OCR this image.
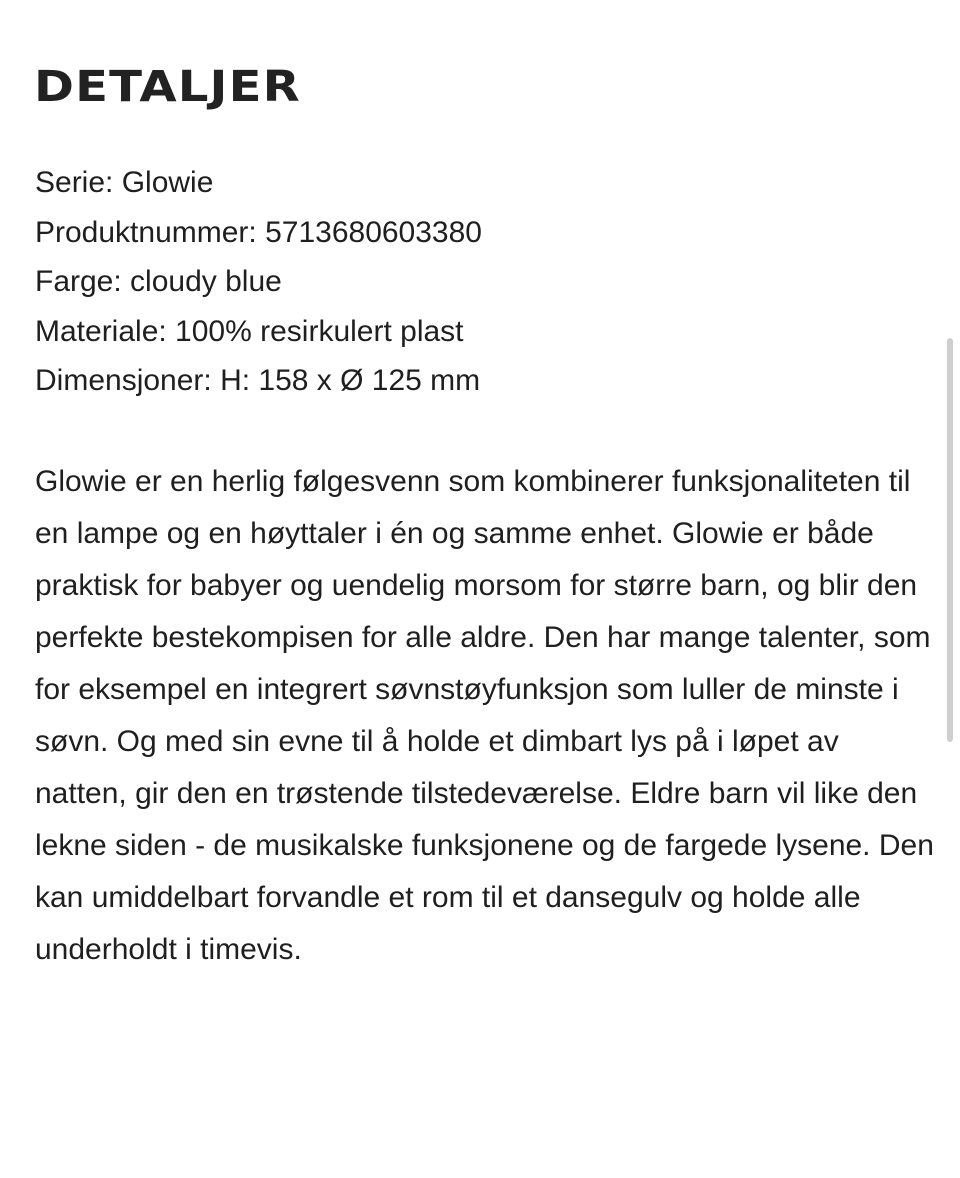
DETALJER
Serie: Glowie
Produktnummer: 5713680603380
Farge: cloudy blue
Materiale: 100% resirkulert plast
Dimensjoner: H: 158 x Ø 125 mm

Glowie er en herlig følgesvenn som kombinerer funksjonaliteten til en lampe og en høyttaler i én og samme enhet. Glowie er både praktisk for babyer og uendelig morsom for større barn, og blir den perfekte bestekompisen for alle aldre. Den har mange talenter, som for eksempel en integrert søvnstøyfunksjon som luller de minste i søvn. Og med sin evne til å holde et dimbart lys på i løpet av natten, gir den en trøstende tilstedeværelse. Eldre barn vil like den lekne siden - de musikalske funksjonene og de fargede lysene. Den kan umiddelbart forvandle et rom til et dansegulv og holde alle underholdt i timevis.
